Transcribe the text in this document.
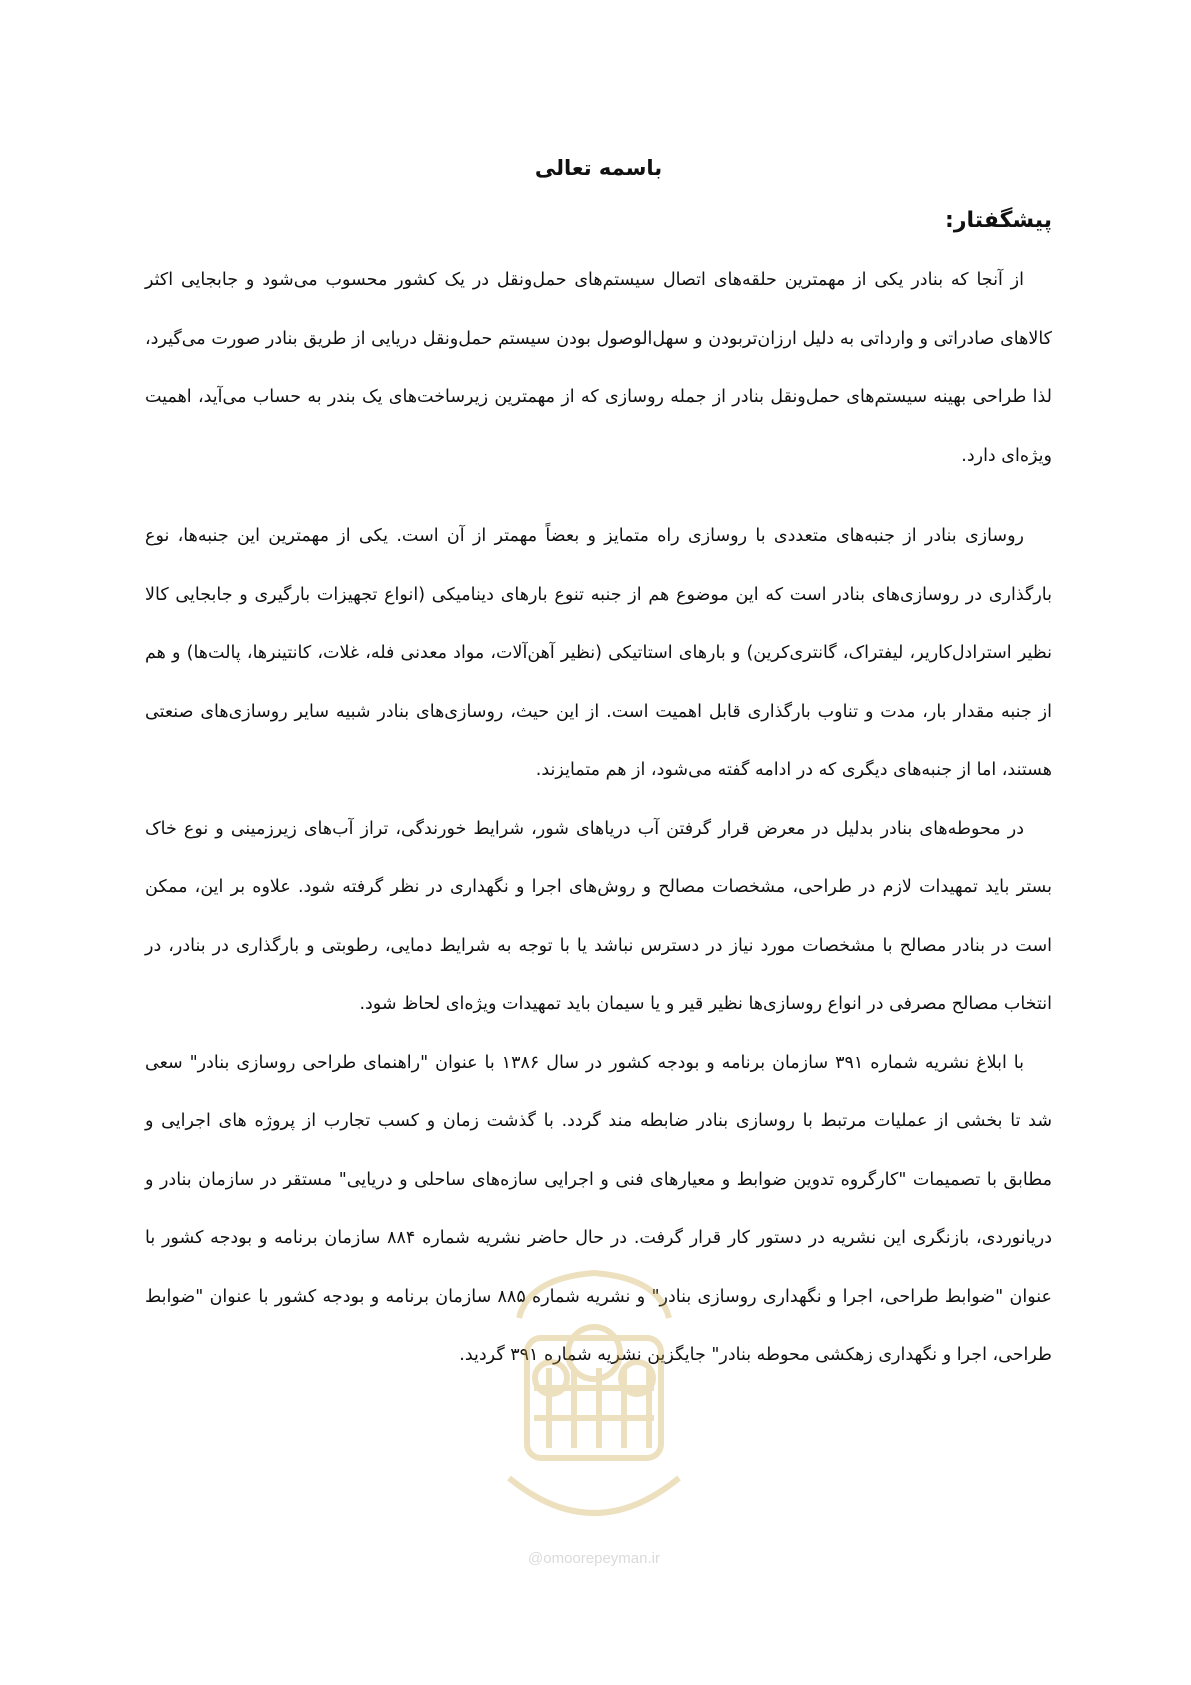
باسمه تعالی
پیشگفتار:

از آنجا که بنادر یکی از مهمترین حلقه‌های اتصال سیستم‌های حمل‌ونقل در یک کشور محسوب می‌شود و جابجایی اکثر کالاهای صادراتی و وارداتی به دلیل ارزان‌تربودن و سهل‌الوصول بودن سیستم حمل‌ونقل دریایی از طریق بنادر صورت می‌گیرد، لذا طراحی بهینه سیستم‌های حمل‌ونقل بنادر از جمله روسازی که از مهمترین زیرساخت‌های یک بندر به حساب می‌آید، اهمیت ویژه‌ای دارد.

روسازی بنادر از جنبه‌های متعددی با روسازی راه متمایز و بعضاً مهمتر از آن است. یکی از مهمترین این جنبه‌ها، نوع بارگذاری در روسازی‌های بنادر است که این موضوع هم از جنبه تنوع بارهای دینامیکی (انواع تجهیزات بارگیری و جابجایی کالا نظیر استرادل‌کاریر، لیفتراک، گانتری‌کرین) و بارهای استاتیکی (نظیر آهن‌آلات، مواد معدنی فله، غلات، کانتینرها، پالت‌ها) و هم از جنبه مقدار بار، مدت و تناوب بارگذاری قابل اهمیت است. از این حیث، روسازی‌های بنادر شبیه سایر روسازی‌های صنعتی هستند، اما از جنبه‌های دیگری که در ادامه گفته می‌شود، از هم متمایزند.

در محوطه‌های بنادر بدلیل در معرض قرار گرفتن آب دریاهای شور، شرایط خورندگی، تراز آب‌های زیرزمینی و نوع خاک بستر باید تمهیدات لازم در طراحی، مشخصات مصالح و روش‌های اجرا و نگهداری در نظر گرفته شود. علاوه بر این، ممکن است در بنادر مصالح با مشخصات مورد نیاز در دسترس نباشد یا با توجه به شرایط دمایی، رطوبتی و بارگذاری در بنادر، در انتخاب مصالح مصرفی در انواع روسازی‌ها نظیر قیر و یا سیمان باید تمهیدات ویژه‌ای لحاظ شود.

با ابلاغ نشریه شماره ۳۹۱ سازمان برنامه و بودجه کشور در سال ۱۳۸۶ با عنوان "راهنمای طراحی روسازی بنادر" سعی شد تا بخشی از عملیات مرتبط با روسازی بنادر ضابطه مند گردد. با گذشت زمان و کسب تجارب از پروژه های اجرایی و مطابق با تصمیمات "کارگروه تدوین ضوابط و معیارهای فنی و اجرایی سازه‌های ساحلی و دریایی" مستقر در سازمان بنادر و دریانوردی، بازنگری این نشریه در دستور کار قرار گرفت. در حال حاضر نشریه شماره ۸۸۴ سازمان برنامه و بودجه کشور با عنوان "ضوابط طراحی، اجرا و نگهداری روسازی بنادر" و نشریه شماره ۸۸۵ سازمان برنامه و بودجه کشور با عنوان "ضوابط طراحی، اجرا و نگهداری زهکشی محوطه بنادر" جایگزین نشریه شماره ۳۹۱ گردید.

@omoorepeyman.ir
